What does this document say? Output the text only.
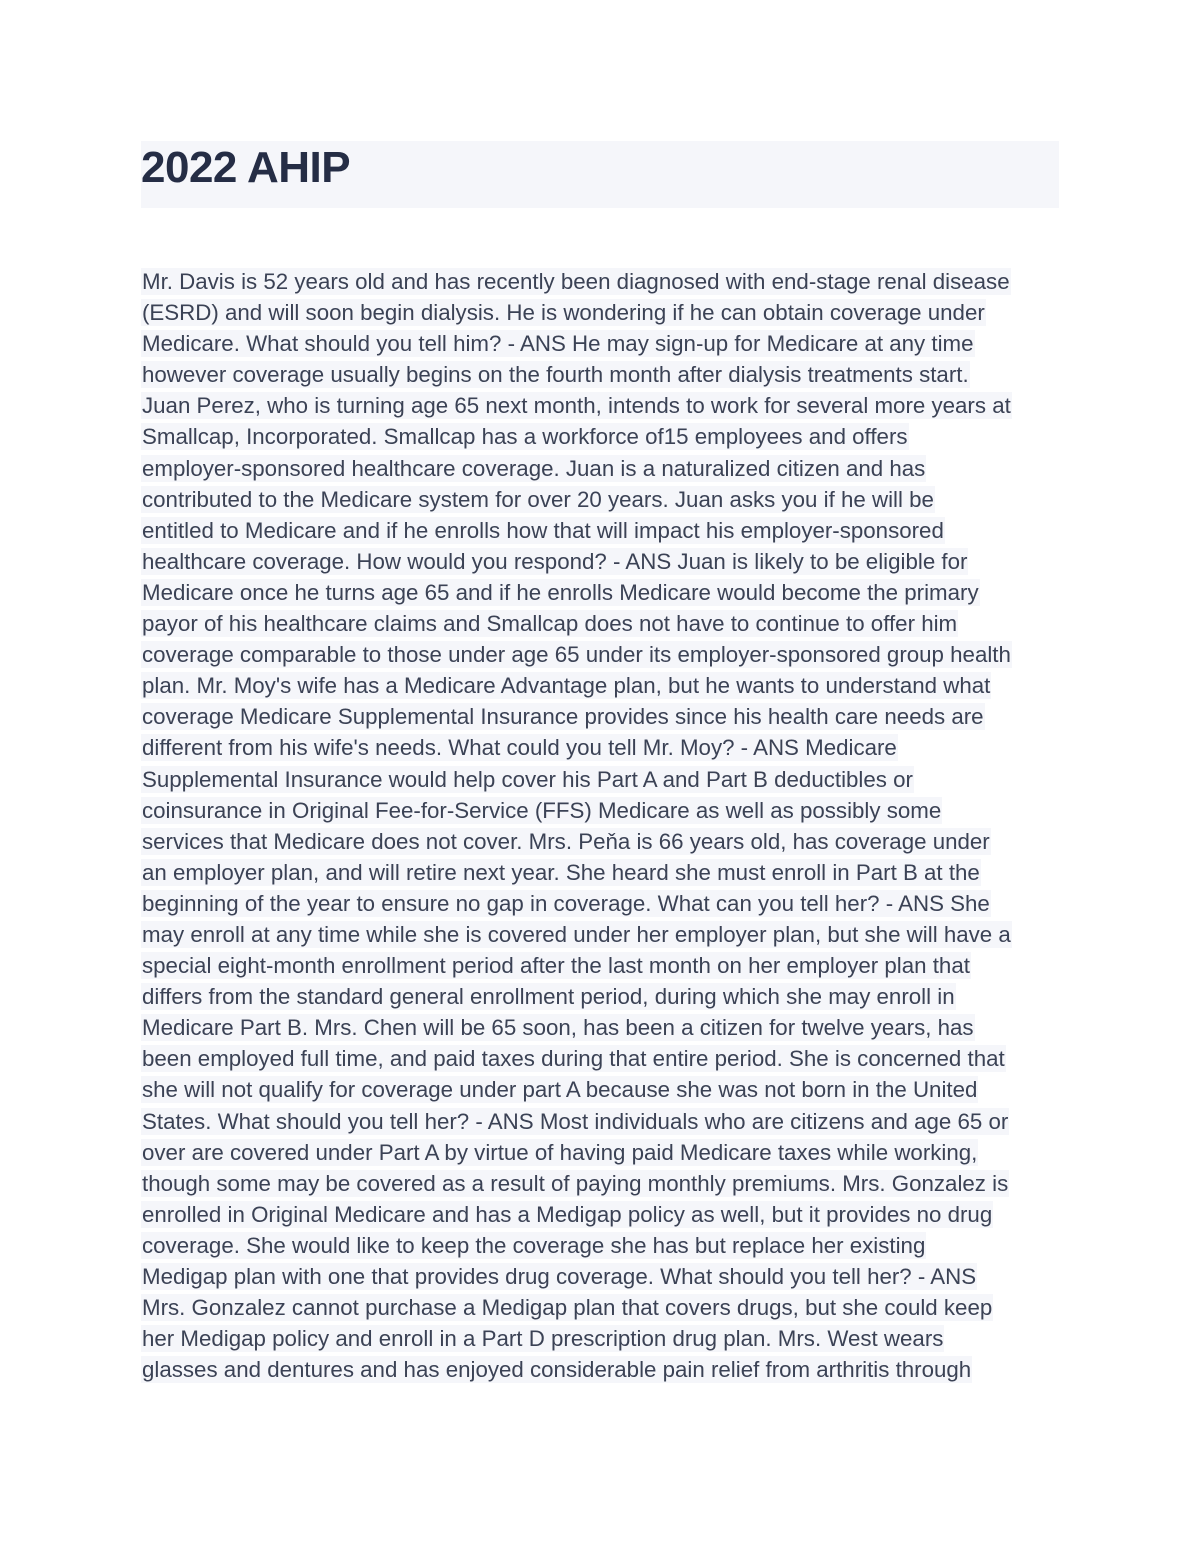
2022 AHIP
Mr. Davis is 52 years old and has recently been diagnosed with end-stage renal disease
(ESRD) and will soon begin dialysis. He is wondering if he can obtain coverage under
Medicare. What should you tell him? - ANS He may sign-up for Medicare at any time
however coverage usually begins on the fourth month after dialysis treatments start.
Juan Perez, who is turning age 65 next month, intends to work for several more years at
Smallcap, Incorporated. Smallcap has a workforce of15 employees and offers
employer-sponsored healthcare coverage. Juan is a naturalized citizen and has
contributed to the Medicare system for over 20 years. Juan asks you if he will be
entitled to Medicare and if he enrolls how that will impact his employer-sponsored
healthcare coverage. How would you respond? - ANS Juan is likely to be eligible for
Medicare once he turns age 65 and if he enrolls Medicare would become the primary
payor of his healthcare claims and Smallcap does not have to continue to offer him
coverage comparable to those under age 65 under its employer-sponsored group health
plan. Mr. Moy's wife has a Medicare Advantage plan, but he wants to understand what
coverage Medicare Supplemental Insurance provides since his health care needs are
different from his wife's needs. What could you tell Mr. Moy? - ANS Medicare
Supplemental Insurance would help cover his Part A and Part B deductibles or
coinsurance in Original Fee-for-Service (FFS) Medicare as well as possibly some
services that Medicare does not cover. Mrs. Peňa is 66 years old, has coverage under
an employer plan, and will retire next year. She heard she must enroll in Part B at the
beginning of the year to ensure no gap in coverage. What can you tell her? - ANS She
may enroll at any time while she is covered under her employer plan, but she will have a
special eight-month enrollment period after the last month on her employer plan that
differs from the standard general enrollment period, during which she may enroll in
Medicare Part B. Mrs. Chen will be 65 soon, has been a citizen for twelve years, has
been employed full time, and paid taxes during that entire period. She is concerned that
she will not qualify for coverage under part A because she was not born in the United
States. What should you tell her? - ANS Most individuals who are citizens and age 65 or
over are covered under Part A by virtue of having paid Medicare taxes while working,
though some may be covered as a result of paying monthly premiums. Mrs. Gonzalez is
enrolled in Original Medicare and has a Medigap policy as well, but it provides no drug
coverage. She would like to keep the coverage she has but replace her existing
Medigap plan with one that provides drug coverage. What should you tell her? - ANS
Mrs. Gonzalez cannot purchase a Medigap plan that covers drugs, but she could keep
her Medigap policy and enroll in a Part D prescription drug plan. Mrs. West wears
glasses and dentures and has enjoyed considerable pain relief from arthritis through
